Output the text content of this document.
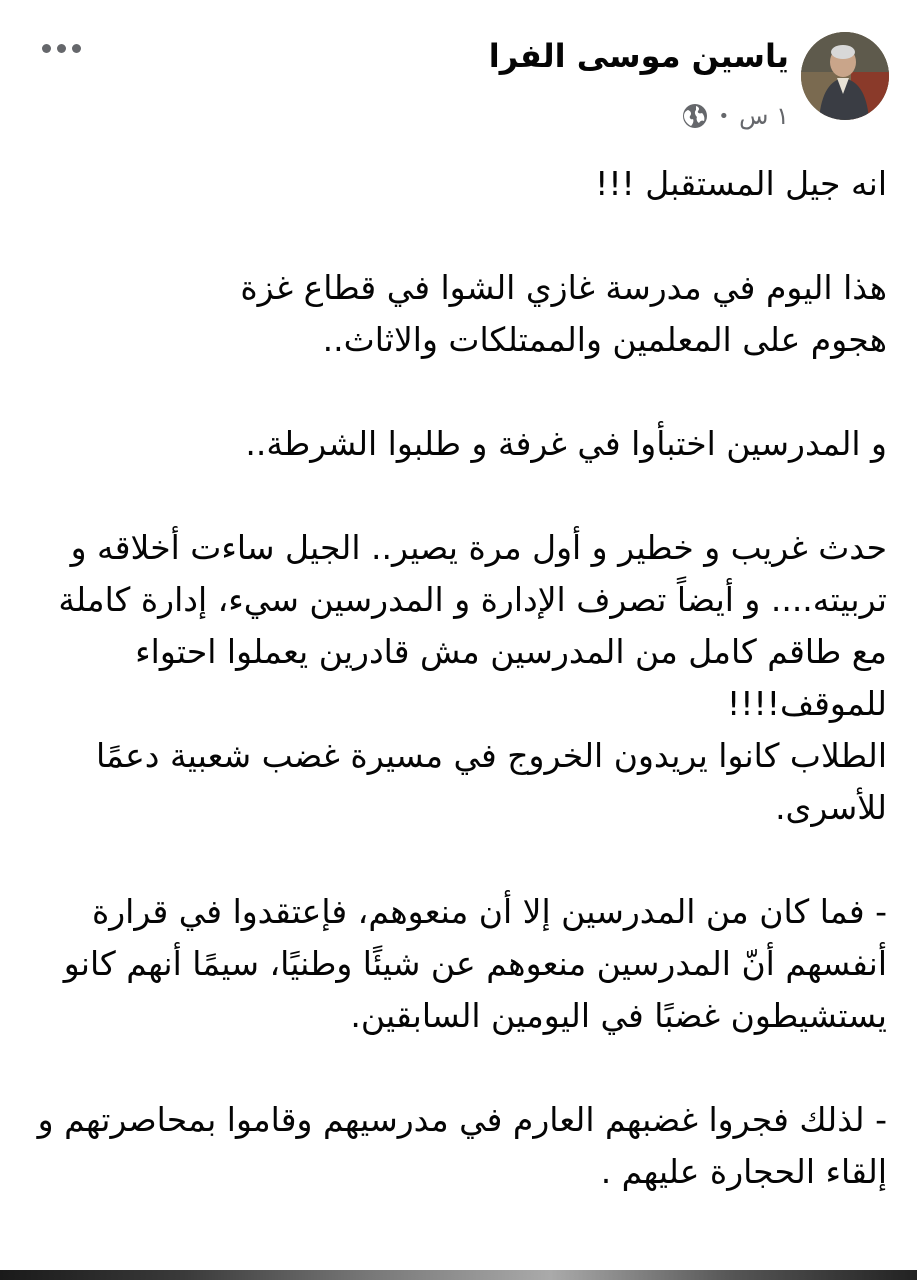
ياسين موسى الفرا
١ س
•

انه جيل المستقبل !!!

هذا اليوم في مدرسة غازي الشوا في قطاع غزة
هجوم على المعلمين والممتلكات والاثاث..

و المدرسين اختبأوا في غرفة و طلبوا الشرطة..

حدث غريب و خطير و أول مرة يصير.. الجيل ساءت أخلاقه و تربيته.... و أيضاً تصرف الإدارة و المدرسين سيء، إدارة كاملة مع طاقم كامل من المدرسين مش قادرين يعملوا احتواء للموقف!!!!
الطلاب كانوا يريدون الخروج في مسيرة غضب شعبية دعمًا للأسرى.

- فما كان من المدرسين إلا أن منعوهم، فإعتقدوا في قرارة أنفسهم أنّ المدرسين منعوهم عن شيئًا وطنيًا، سيمًا أنهم كانو يستشيطون غضبًا في اليومين السابقين.

- لذلك فجروا غضبهم العارم في مدرسيهم وقاموا بمحاصرتهم و إلقاء الحجارة عليهم .
